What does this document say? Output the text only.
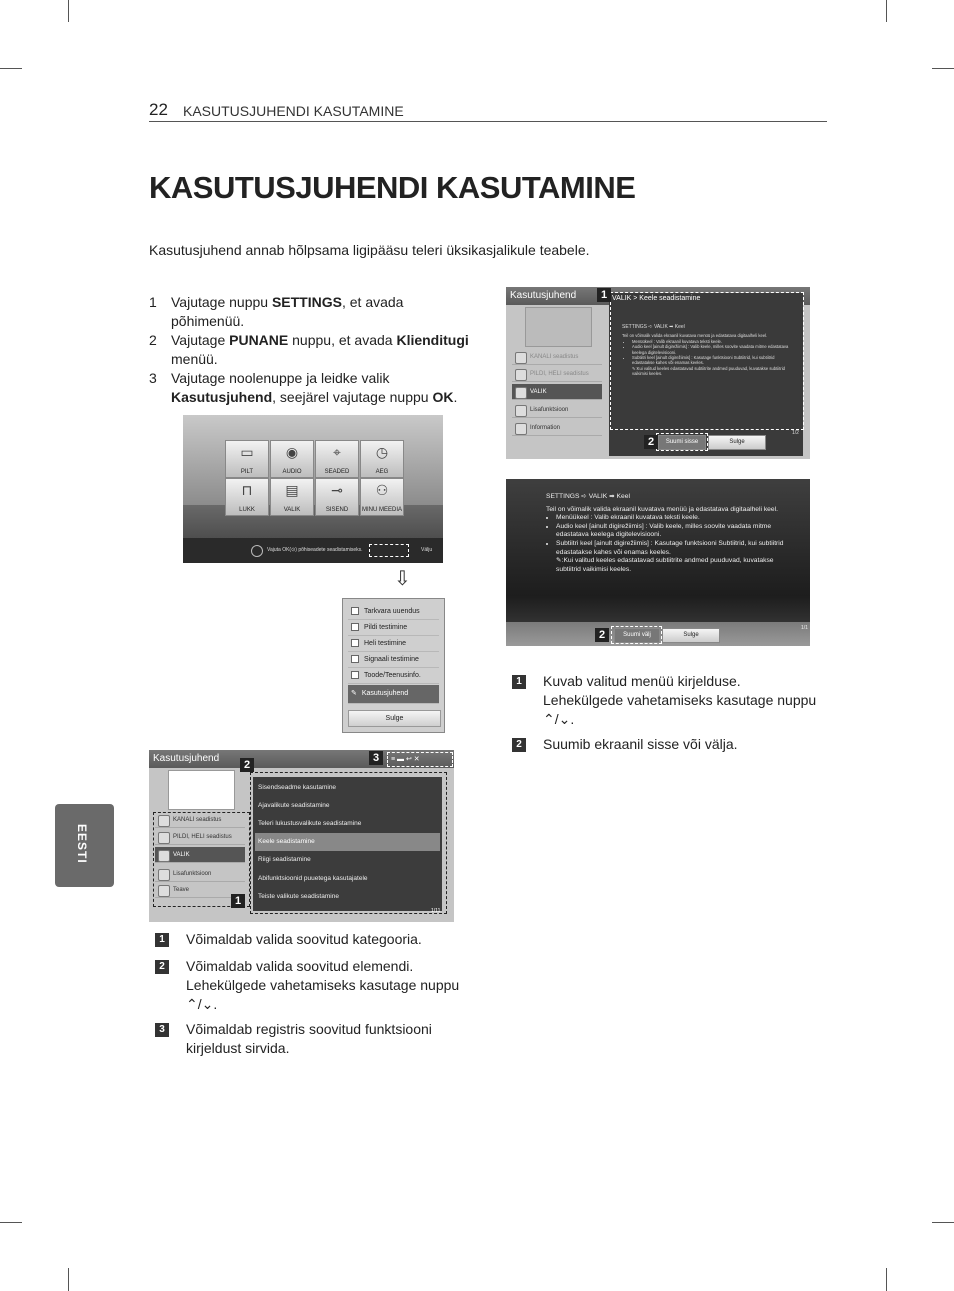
22 KASUTUSJUHENDI KASUTAMINE
KASUTUSJUHENDI KASUTAMINE
Kasutusjuhend annab hõlpsama ligipääsu teleri üksikasjalikule teabele.
1	Vajutage nuppu SETTINGS, et avada põhimenüü.
2	Vajutage PUNANE nuppu, et avada Klienditugi menüü.
3	Vajutage noolenuppe ja leidke valik Kasutusjuhend, seejärel vajutage nuppu OK.
EESTI
▭
PILT
◉
AUDIO
⌖
SEADED
◷
AEG
⊓
LUKK
▤
VALIK
⊸
SISEND
⚇
MINU MEEDIA
Vajuta OK(⊙) põhiseadete seadistamiseks.	Välju
⇩
Tarkvara uuendus
Pildi testimine
Heli testimine
Signaali testimine
Toode/Teenusinfo.
✎ Kasutusjuhend
Sulge
Kasutusjuhend
KANALI seadistus
PILDI, HELI seadistus
VALIK
Lisafunktsioon
Teave
Sisendseadme kasutamine
Ajavalikute seadistamine
Teleri lukustusvalikute seadistamine
Keele seadistamine
Riigi seadistamine
Abifunktsioonid puuetega kasutajatele
Teiste valikute seadistamine
1/11
≡ ▬ ↩ ✕
2
3
1
1	Võimaldab valida soovitud kategooria.
2	Võimaldab valida soovitud elemendi. Lehekülgede vahetamiseks kasutage nuppu ⌃/⌄.
3	Võimaldab registris soovitud funktsiooni kirjeldust sirvida.
Kasutusjuhend
KANALI seadistus
PILDI, HELI seadistus
VALIK
Lisafunktsioon
Information
VALIK > Keele seadistamine
SETTINGS ➪ VALIK ➡ Keel
Teil on võimalik valida ekraanil kuvatava menüü ja edastatava digitaalheli keel.
• Menüükeel : Valib ekraanil kuvatava teksti keele.
• Audio keel [ainult digirežiimis] : Valib keele, milles soovite vaadata mitme edastatava keelega digitelevisiooni.
• Subtiitri keel [ainult digirežiimis] : Kasutage funktsiooni Subtiitrid, kui subtiitrid edastatakse kahes või enamas keeles.
✎:Kui valitud keeles edastatavad subtiitrite andmed puuduvad, kuvatakse subtiitrid vaikimisi keeles.
Suumi sisse	Sulge
1/2
1
2
SETTINGS ➪ VALIK ➡ Keel
Teil on võimalik valida ekraanil kuvatava menüü ja edastatava digitaalheli keel.
• Menüükeel : Valib ekraanil kuvatava teksti keele.
• Audio keel [ainult digirežiimis] : Valib keele, milles soovite vaadata mitme edastatava keelega digitelevisiooni.
• Subtiitri keel [ainult digirežiimis] : Kasutage funktsiooni Subtiitrid, kui subtiitrid edastatakse kahes või enamas keeles.
✎:Kui valitud keeles edastatavad subtiitrite andmed puuduvad, kuvatakse subtiitrid vaikimisi keeles.
Suumi välj	Sulge
2
1/1
1	Kuvab valitud menüü kirjelduse. Lehekülgede vahetamiseks kasutage nuppu ⌃/⌄.
2	Suumib ekraanil sisse või välja.
